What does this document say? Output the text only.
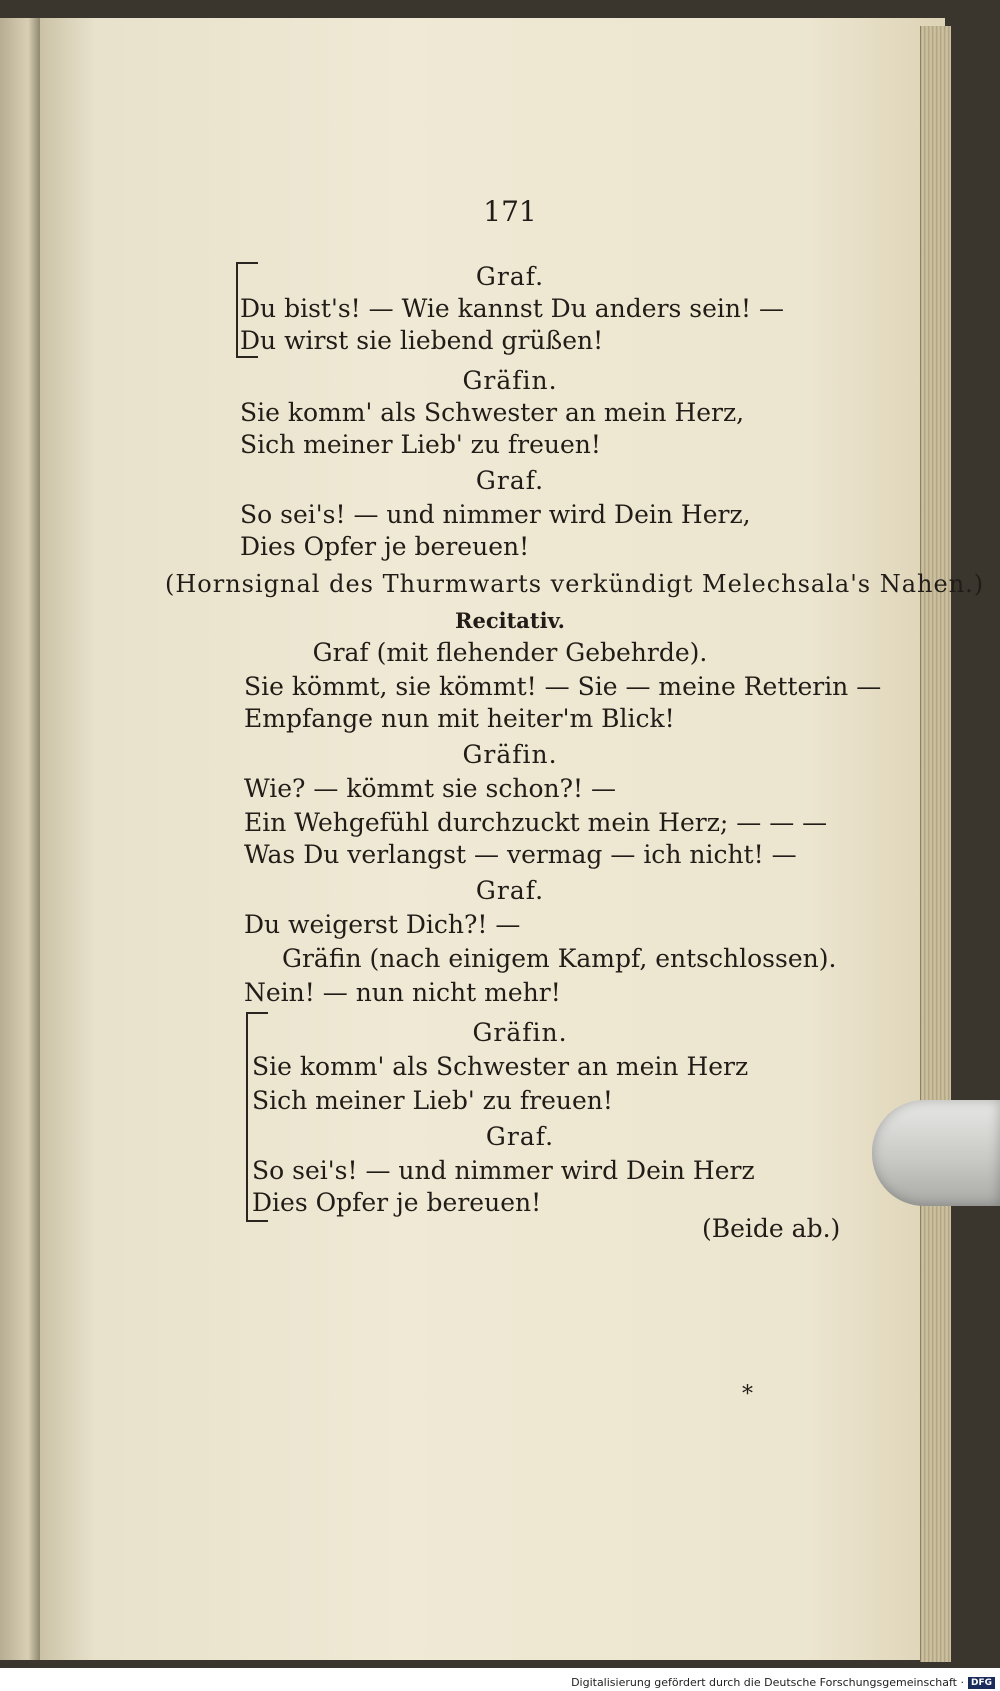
171
Graf.
Du bist's! — Wie kannst Du anders sein! —
Du wirst sie liebend grüßen!
Gräfin.
Sie komm' als Schwester an mein Herz,
Sich meiner Lieb' zu freuen!
Graf.
So sei's! — und nimmer wird Dein Herz,
Dies Opfer je bereuen!
(Hornsignal des Thurmwarts verkündigt Melechsala's Nahen.)
Recitativ.
Graf (mit flehender Gebehrde).
Sie kömmt, sie kömmt! — Sie — meine Retterin —
Empfange nun mit heiter'm Blick!
Gräfin.
Wie? — kömmt sie schon?! —
Ein Wehgefühl durchzuckt mein Herz; — — —
Was Du verlangst — vermag — ich nicht! —
Graf.
Du weigerst Dich?! —
Gräfin (nach einigem Kampf, entschlossen).
Nein! — nun nicht mehr!
Gräfin.
Sie komm' als Schwester an mein Herz
Sich meiner Lieb' zu freuen!
Graf.
So sei's! — und nimmer wird Dein Herz
Dies Opfer je bereuen!
(Beide ab.)
*
Digitalisierung gefördert durch die Deutsche Forschungsgemeinschaft · DFG
